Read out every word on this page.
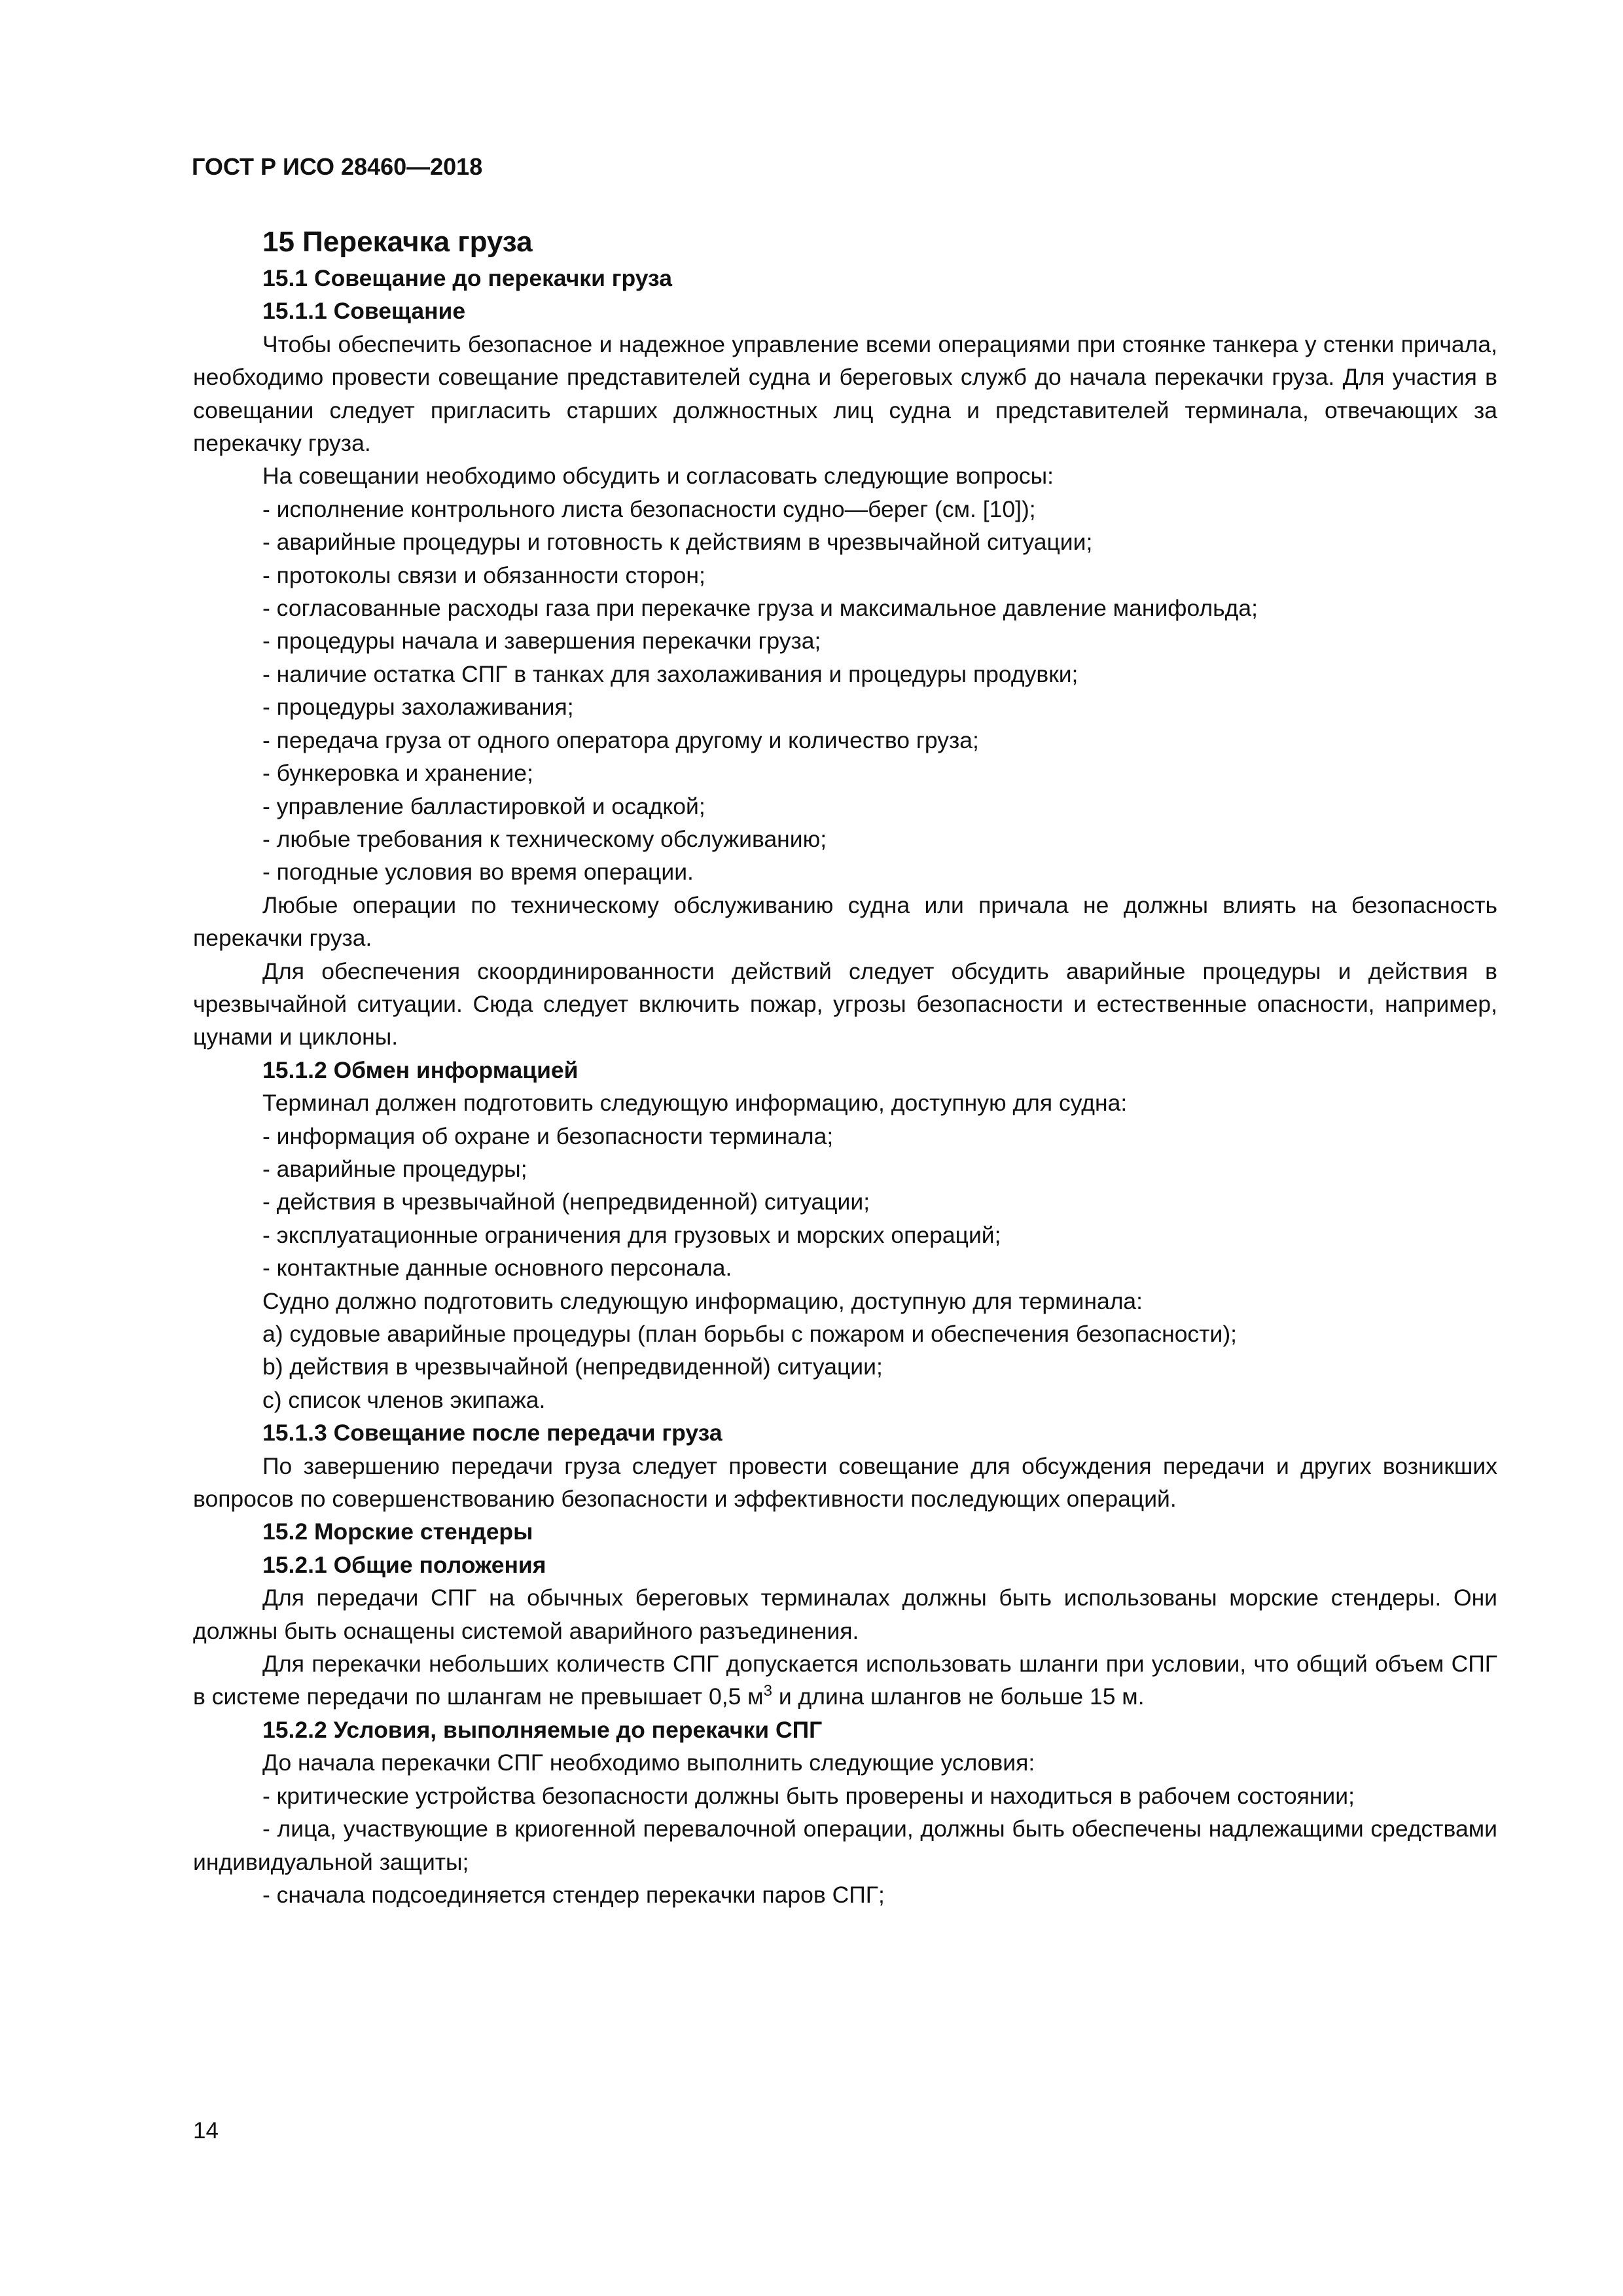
ГОСТ Р ИСО 28460—2018

15 Перекачка груза

15.1 Совещание до перекачки груза

15.1.1 Совещание

Чтобы обеспечить безопасное и надежное управление всеми операциями при стоянке танкера у стенки причала, необходимо провести совещание представителей судна и береговых служб до начала перекачки груза. Для участия в совещании следует пригласить старших должностных лиц судна и представителей терминала, отвечающих за перекачку груза.

На совещании необходимо обсудить и согласовать следующие вопросы:

- исполнение контрольного листа безопасности судно—берег (см. [10]);

- аварийные процедуры и готовность к действиям в чрезвычайной ситуации;

- протоколы связи и обязанности сторон;

- согласованные расходы газа при перекачке груза и максимальное давление манифольда;

- процедуры начала и завершения перекачки груза;

- наличие остатка СПГ в танках для захолаживания и процедуры продувки;

- процедуры захолаживания;

- передача груза от одного оператора другому и количество груза;

- бункеровка и хранение;

- управление балластировкой и осадкой;

- любые требования к техническому обслуживанию;

- погодные условия во время операции.

Любые операции по техническому обслуживанию судна или причала не должны влиять на безопасность перекачки груза.

Для обеспечения скоординированности действий следует обсудить аварийные процедуры и действия в чрезвычайной ситуации. Сюда следует включить пожар, угрозы безопасности и естественные опасности, например, цунами и циклоны.

15.1.2 Обмен информацией

Терминал должен подготовить следующую информацию, доступную для судна:

- информация об охране и безопасности терминала;

- аварийные процедуры;

- действия в чрезвычайной (непредвиденной) ситуации;

- эксплуатационные ограничения для грузовых и морских операций;

- контактные данные основного персонала.

Судно должно подготовить следующую информацию, доступную для терминала:

a) судовые аварийные процедуры (план борьбы с пожаром и обеспечения безопасности);

b) действия в чрезвычайной (непредвиденной) ситуации;

c) список членов экипажа.

15.1.3 Совещание после передачи груза

По завершению передачи груза следует провести совещание для обсуждения передачи и других возникших вопросов по совершенствованию безопасности и эффективности последующих операций.

15.2 Морские стендеры

15.2.1 Общие положения

Для передачи СПГ на обычных береговых терминалах должны быть использованы морские стендеры. Они должны быть оснащены системой аварийного разъединения.

Для перекачки небольших количеств СПГ допускается использовать шланги при условии, что общий объем СПГ в системе передачи по шлангам не превышает 0,5 $м^3$ и длина шлангов не больше 15 м.

15.2.2 Условия, выполняемые до перекачки СПГ

До начала перекачки СПГ необходимо выполнить следующие условия:

- критические устройства безопасности должны быть проверены и находиться в рабочем состоянии;

- лица, участвующие в криогенной перевалочной операции, должны быть обеспечены надлежащими средствами индивидуальной защиты;

- сначала подсоединяется стендер перекачки паров СПГ;

14
